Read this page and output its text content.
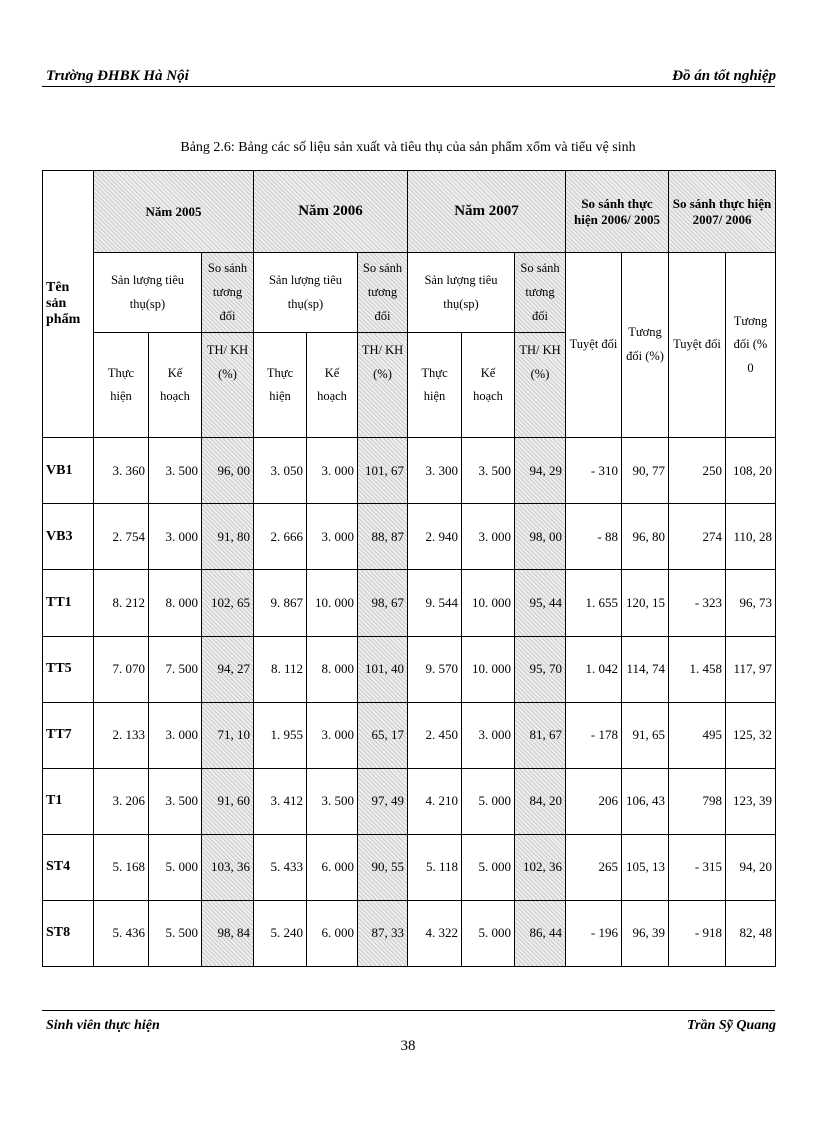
Trường ĐHBK Hà Nội	Đồ án tốt nghiệp
Bảng 2.6: Bảng các số liệu sản xuất và tiêu thụ của sản phẩm xổm và tiểu vệ sinh
Tên sản phẩm	Năm 2005			Năm 2006			Năm 2007			So sánh thực hiện 2006/ 2005		So sánh thực hiện 2007/ 2006	
	Sản lượng tiêu thụ(sp)		So sánh tương đối	Sản lượng tiêu thụ(sp)		So sánh tương đối	Sản lượng tiêu thụ(sp)		So sánh tương đối	Tuyệt đối	Tương đối (%)	Tuyệt đối	Tương đối (% 0
	Thực hiện	Kế hoạch	TH/ KH (%)	Thực hiện	Kế hoạch	TH/ KH (%)	Thực hiện	Kế hoạch	TH/ KH (%)				
VB1	3. 360	3. 500	96, 00	3. 050	3. 000	101, 67	3. 300	3. 500	94, 29	- 310	90, 77	250	108, 20
VB3	2. 754	3. 000	91, 80	2. 666	3. 000	88, 87	2. 940	3. 000	98, 00	- 88	96, 80	274	110, 28
TT1	8. 212	8. 000	102, 65	9. 867	10. 000	98, 67	9. 544	10. 000	95, 44	1. 655	120, 15	- 323	96, 73
TT5	7. 070	7. 500	94, 27	8. 112	8. 000	101, 40	9. 570	10. 000	95, 70	1. 042	114, 74	1. 458	117, 97
TT7	2. 133	3. 000	71, 10	1. 955	3. 000	65, 17	2. 450	3. 000	81, 67	- 178	91, 65	495	125, 32
T1	3. 206	3. 500	91, 60	3. 412	3. 500	97, 49	4. 210	5. 000	84, 20	206	106, 43	798	123, 39
ST4	5. 168	5. 000	103, 36	5. 433	6. 000	90, 55	5. 118	5. 000	102, 36	265	105, 13	- 315	94, 20
ST8	5. 436	5. 500	98, 84	5. 240	6. 000	87, 33	4. 322	5. 000	86, 44	- 196	96, 39	- 918	82, 48
Sinh viên thực hiện	Trần Sỹ Quang
38
